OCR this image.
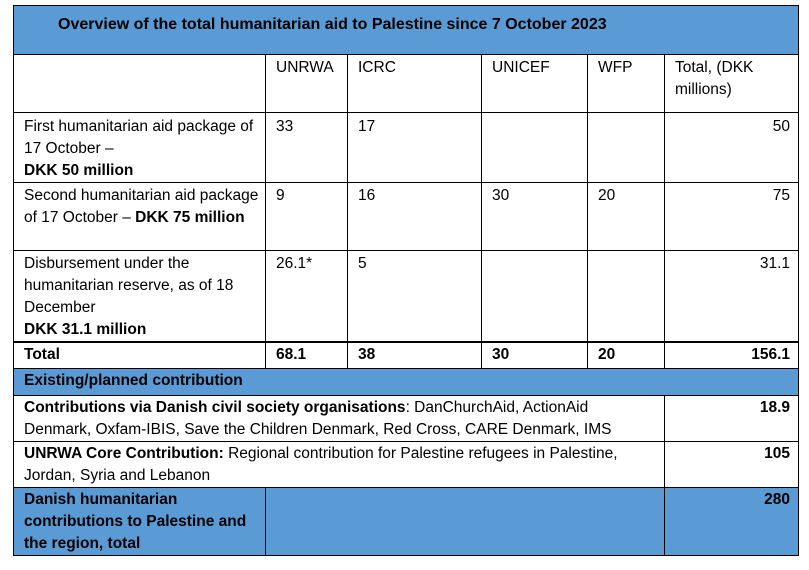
Overview of the total humanitarian aid to Palestine since 7 October 2023					
	UNRWA	ICRC	UNICEF	WFP	Total, (DKK
millions)
First humanitarian aid package of 17 October –
DKK 50 million	33	17			50
Second humanitarian aid package of 17 October – DKK 75 million	9	16	30	20	75
Disbursement under the humanitarian reserve, as of 18 December
DKK 31.1 million	26.1*	5			31.1
Total	68.1	38	30	20	156.1
Existing/planned contribution					
Contributions via Danish civil society organisations: DanChurchAid, ActionAid Denmark, Oxfam-IBIS, Save the Children Denmark, Red Cross, CARE Denmark, IMS					18.9
UNRWA Core Contribution: Regional contribution for Palestine refugees in Palestine, Jordan, Syria and Lebanon					105
Danish humanitarian contributions to Palestine and the region, total					280
